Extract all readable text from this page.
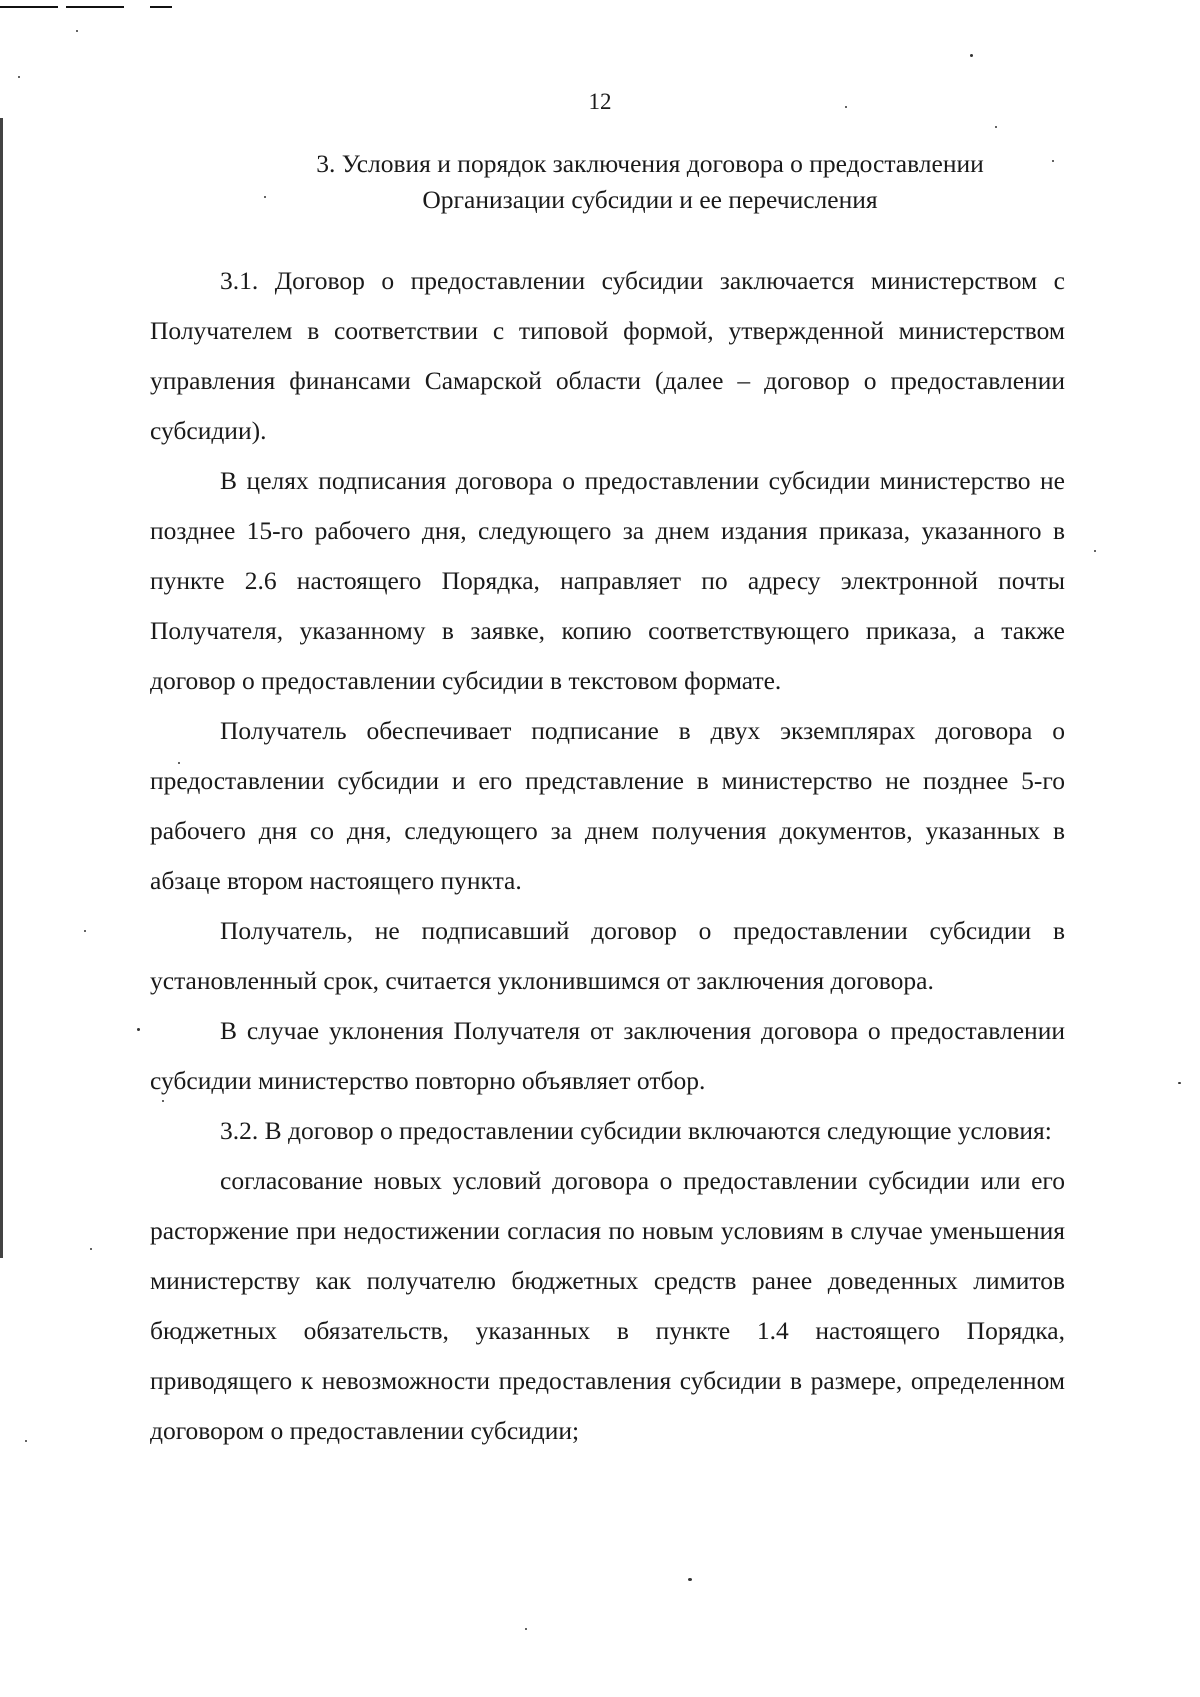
12
3. Условия и порядок заключения договора о предоставлении
Организации субсидии и ее перечисления

3.1. Договор о предоставлении субсидии заключается министерством с Получателем в соответствии с типовой формой, утвержденной министерством управления финансами Самарской области (далее – договор о предоставлении субсидии).

В целях подписания договора о предоставлении субсидии министерство не позднее 15-го рабочего дня, следующего за днем издания приказа, указанного в пункте 2.6 настоящего Порядка, направляет по адресу электронной почты Получателя, указанному в заявке, копию соответствующего приказа, а также договор о предоставлении субсидии в текстовом формате.

Получатель обеспечивает подписание в двух экземплярах договора о предоставлении субсидии и его представление в министерство не позднее 5-го рабочего дня со дня, следующего за днем получения документов, указанных в абзаце втором настоящего пункта.

Получатель, не подписавший договор о предоставлении субсидии в установленный срок, считается уклонившимся от заключения договора.

В случае уклонения Получателя от заключения договора о предоставлении субсидии министерство повторно объявляет отбор.

3.2. В договор о предоставлении субсидии включаются следующие условия:

согласование новых условий договора о предоставлении субсидии или его расторжение при недостижении согласия по новым условиям в случае уменьшения министерству как получателю бюджетных средств ранее доведенных лимитов бюджетных обязательств, указанных в пункте 1.4 настоящего Порядка, приводящего к невозможности предоставления субсидии в размере, определенном договором о предоставлении субсидии;
